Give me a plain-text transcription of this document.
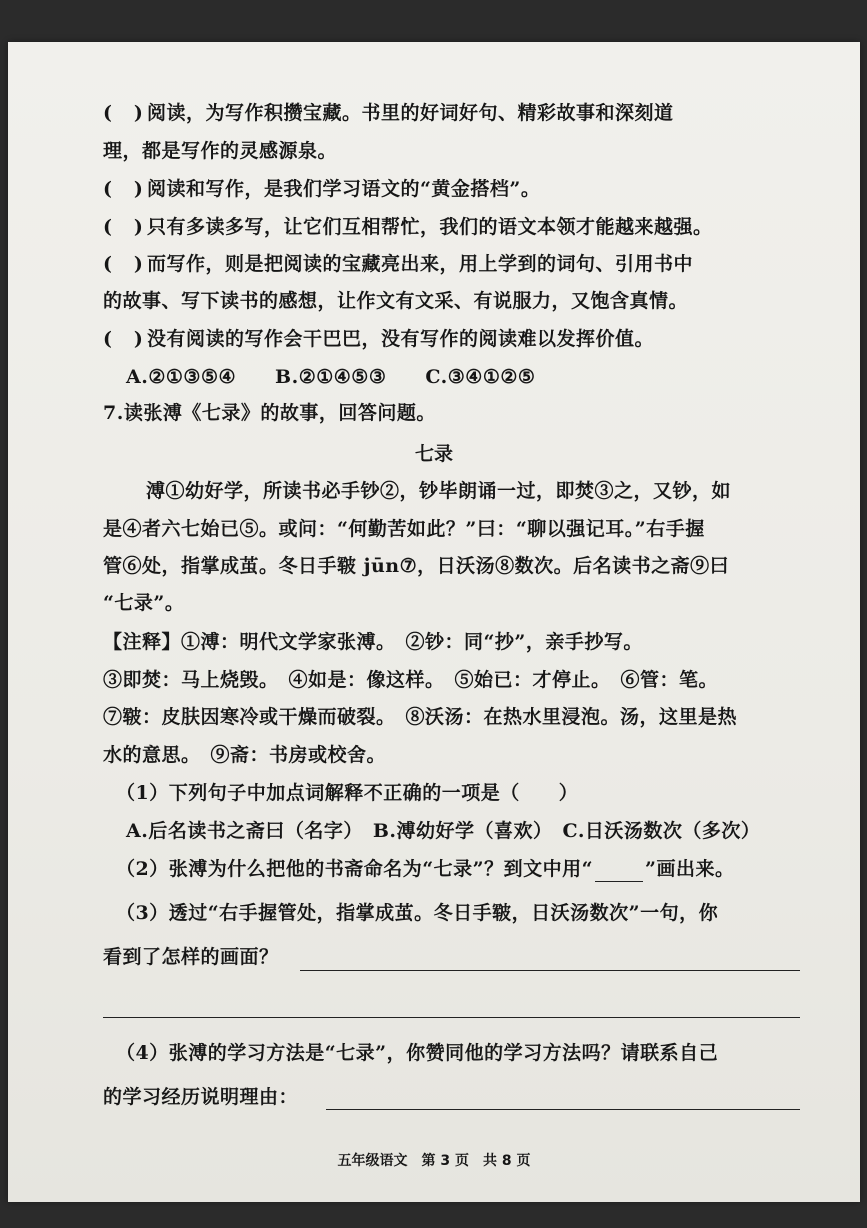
( ) 阅读，为写作积攒宝藏。书里的好词好句、精彩故事和深刻道
理，都是写作的灵感源泉。
( ) 阅读和写作，是我们学习语文的“黄金搭档”。
( ) 只有多读多写，让它们互相帮忙，我们的语文本领才能越来越强。
( ) 而写作，则是把阅读的宝藏亮出来，用上学到的词句、引用书中
的故事、写下读书的感想，让作文有文采、有说服力，又饱含真情。
( ) 没有阅读的写作会干巴巴，没有写作的阅读难以发挥价值。
A.②①③⑤④　　B.②①④⑤③　　C.③④①②⑤
7.读张溥《七录》的故事，回答问题。
七录
溥①幼好学，所读书必手钞②，钞毕朗诵一过，即焚③之，又钞，如
是④者六七始已⑤。或问：“何勤苦如此？”曰：“聊以强记耳。”右手握
管⑥处，指掌成茧。冬日手皲 jūn⑦，日沃汤⑧数次。后名读书之斋⑨曰
“七录”。
【注释】①溥：明代文学家张溥。　②钞：同“抄”，亲手抄写。
③即焚：马上烧毁。　④如是：像这样。　⑤始已：才停止。　⑥管：笔。
⑦皲：皮肤因寒冷或干燥而破裂。　⑧沃汤：在热水里浸泡。汤，这里是热
水的意思。　⑨斋：书房或校舍。
（1）下列句子中加点词解释不正确的一项是（　　）
A.后名读书之斋曰（名字）　B.溥幼好学（喜欢）　C.日沃汤数次（多次）
（2）张溥为什么把他的书斋命名为“七录”？到文中用“	”画出来。
（3）透过“右手握管处，指掌成茧。冬日手皲，日沃汤数次”一句，你
看到了怎样的画面？
（4）张溥的学习方法是“七录”，你赞同他的学习方法吗？请联系自己
的学习经历说明理由：
五年级语文　第 3 页　共 8 页
